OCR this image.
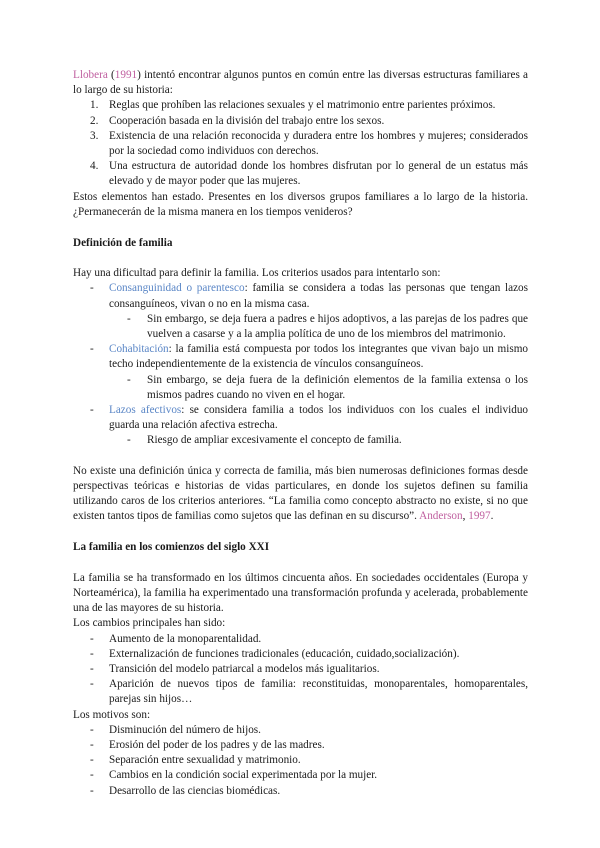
Llobera (1991) intentó encontrar algunos puntos en común entre las diversas estructuras familiares a lo largo de su historia:

1. Reglas que prohíben las relaciones sexuales y el matrimonio entre parientes próximos.
2. Cooperación basada en la división del trabajo entre los sexos.
3. Existencia de una relación reconocida y duradera entre los hombres y mujeres; considerados por la sociedad como individuos con derechos.
4. Una estructura de autoridad donde los hombres disfrutan por lo general de un estatus más elevado y de mayor poder que las mujeres.

Estos elementos han estado. Presentes en los diversos grupos familiares a lo largo de la historia. ¿Permanecerán de la misma manera en los tiempos venideros?

Definición de familia

Hay una dificultad para definir la familia. Los criterios usados para intentarlo son:

- Consanguinidad o parentesco: familia se considera a todas las personas que tengan lazos consanguíneos, vivan o no en la misma casa.
- Sin embargo, se deja fuera a padres e hijos adoptivos, a las parejas de los padres que vuelven a casarse y a la amplia política de uno de los miembros del matrimonio.
- Cohabitación: la familia está compuesta por todos los integrantes que vivan bajo un mismo techo independientemente de la existencia de vínculos consanguíneos.
- Sin embargo, se deja fuera de la definición elementos de la familia extensa o los mismos padres cuando no viven en el hogar.
- Lazos afectivos: se considera familia a todos los individuos con los cuales el individuo guarda una relación afectiva estrecha.
- Riesgo de ampliar excesivamente el concepto de familia.

No existe una definición única y correcta de familia, más bien numerosas definiciones formas desde perspectivas teóricas e historias de vidas particulares, en donde los sujetos definen su familia utilizando caros de los criterios anteriores. “La familia como concepto abstracto no existe, si no que existen tantos tipos de familias como sujetos que las definan en su discurso”. Anderson, 1997.

La familia en los comienzos del siglo XXI

La familia se ha transformado en los últimos cincuenta años. En sociedades occidentales (Europa y Norteamérica), la familia ha experimentado una transformación profunda y acelerada, probablemente una de las mayores de su historia.

Los cambios principales han sido:

- Aumento de la monoparentalidad.
- Externalización de funciones tradicionales (educación, cuidado,socialización).
- Transición del modelo patriarcal a modelos más igualitarios.
- Aparición de nuevos tipos de familia: reconstituidas, monoparentales, homoparentales, parejas sin hijos…

Los motivos son:

- Disminución del número de hijos.
- Erosión del poder de los padres y de las madres.
- Separación entre sexualidad y matrimonio.
- Cambios en la condición social experimentada por la mujer.
- Desarrollo de las ciencias biomédicas.
